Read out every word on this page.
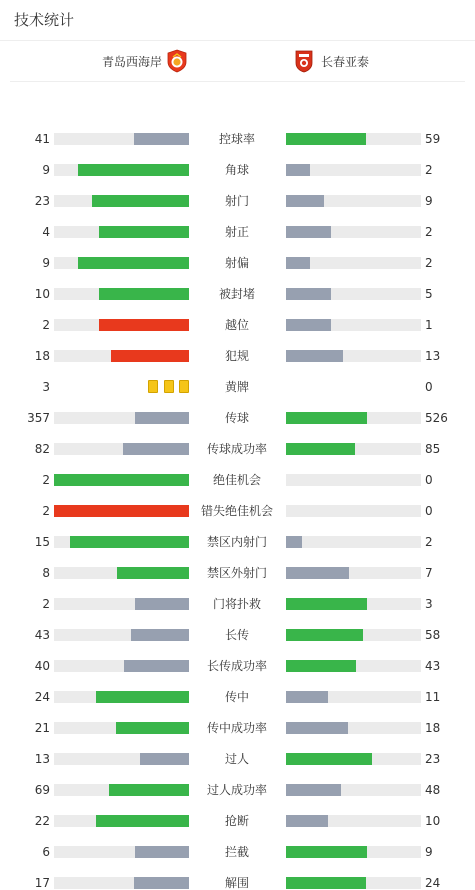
技术统计
青岛西海岸	长春亚泰
41	控球率	59
9	角球	2
23	射门	9
4	射正	2
9	射偏	2
10	被封堵	5
2	越位	1
18	犯规	13
3	黄牌	0
357	传球	526
82	传球成功率	85
2	绝佳机会	0
2	错失绝佳机会	0
15	禁区内射门	2
8	禁区外射门	7
2	门将扑救	3
43	长传	58
40	长传成功率	43
24	传中	11
21	传中成功率	18
13	过人	23
69	过人成功率	48
22	抢断	10
6	拦截	9
17	解围	24
